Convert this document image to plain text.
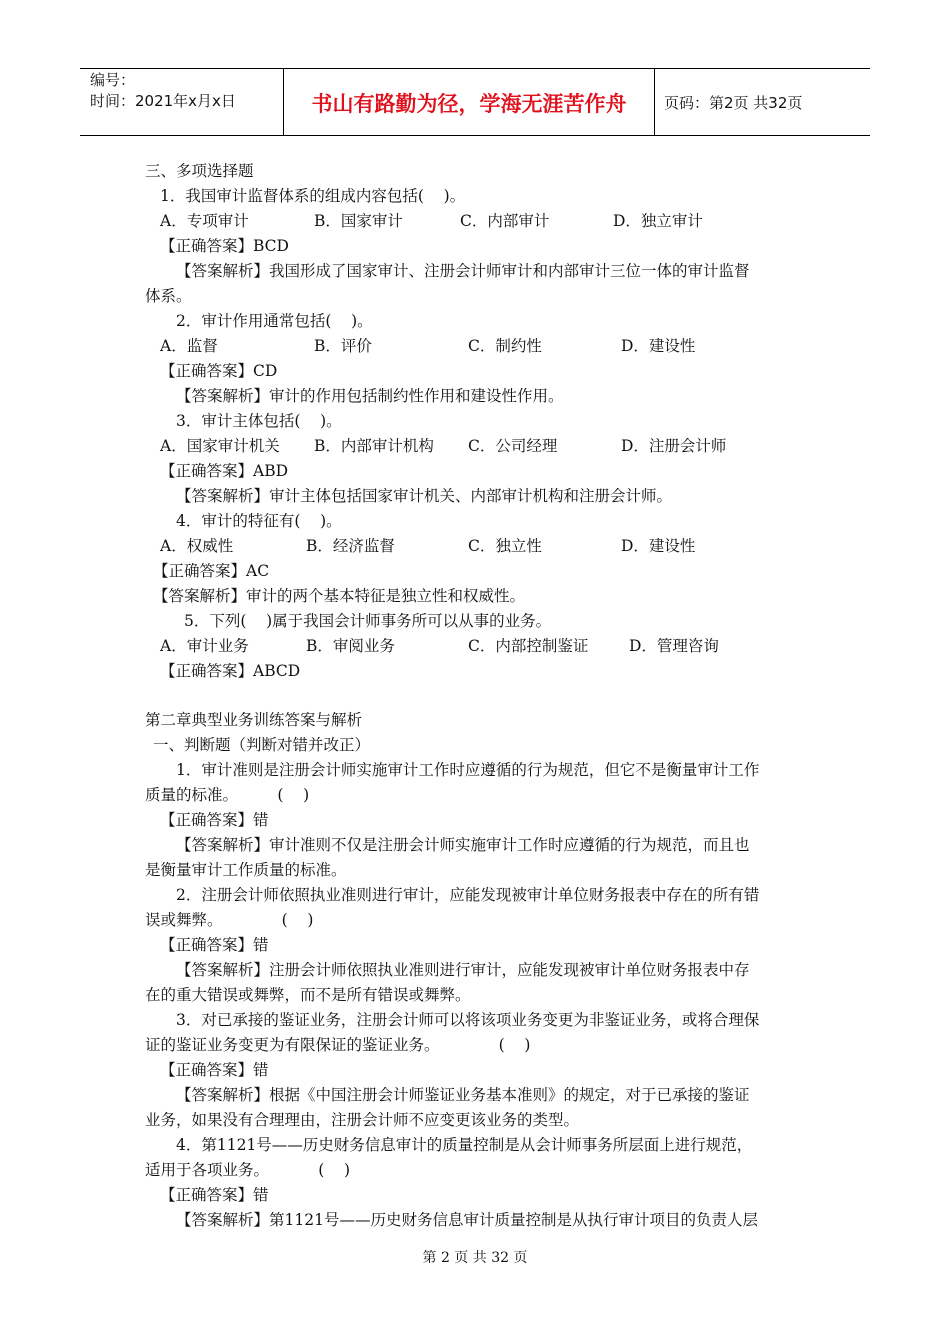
编号：
时间：2021年x月x日	书山有路勤为径，学海无涯苦作舟	页码：第2页 共32页
三、多项选择题
1．我国审计监督体系的组成内容包括(    )。
A．专项审计	B．国家审计	C．内部审计	D．独立审计
【正确答案】BCD
【答案解析】我国形成了国家审计、注册会计师审计和内部审计三位一体的审计监督
体系。
2．审计作用通常包括(    )。
A．监督	B．评价	C．制约性	D．建设性
【正确答案】CD
【答案解析】审计的作用包括制约性作用和建设性作用。
3．审计主体包括(    )。
A．国家审计机关 B．内部审计机构 C．公司经理	D．注册会计师
【正确答案】ABD
【答案解析】审计主体包括国家审计机关、内部审计机构和注册会计师。
4．审计的特征有(    )。
A．权威性	B．经济监督	C．独立性	D．建设性
【正确答案】AC
【答案解析】审计的两个基本特征是独立性和权威性。
5．下列(    )属于我国会计师事务所可以从事的业务。
A．审计业务	B．审阅业务	C．内部控制鉴证	D．管理咨询
【正确答案】ABCD
第二章典型业务训练答案与解析
一、判断题（判断对错并改正）
1．审计准则是注册会计师实施审计工作时应遵循的行为规范，但它不是衡量审计工作
质量的标准。        (    )
【正确答案】错
【答案解析】审计准则不仅是注册会计师实施审计工作时应遵循的行为规范，而且也
是衡量审计工作质量的标准。
2．注册会计师依照执业准则进行审计，应能发现被审计单位财务报表中存在的所有错
误或舞弊。            (    )
【正确答案】错
【答案解析】注册会计师依照执业准则进行审计，应能发现被审计单位财务报表中存
在的重大错误或舞弊，而不是所有错误或舞弊。
3．对已承接的鉴证业务，注册会计师可以将该项业务变更为非鉴证业务，或将合理保
证的鉴证业务变更为有限保证的鉴证业务。            (    )
【正确答案】错
【答案解析】根据《中国注册会计师鉴证业务基本准则》的规定，对于已承接的鉴证
业务，如果没有合理理由，注册会计师不应变更该业务的类型。
4．第1121号——历史财务信息审计的质量控制是从会计师事务所层面上进行规范，
适用于各项业务。          (    )
【正确答案】错
【答案解析】第1121号——历史财务信息审计质量控制是从执行审计项目的负责人层
第 2 页 共 32 页
